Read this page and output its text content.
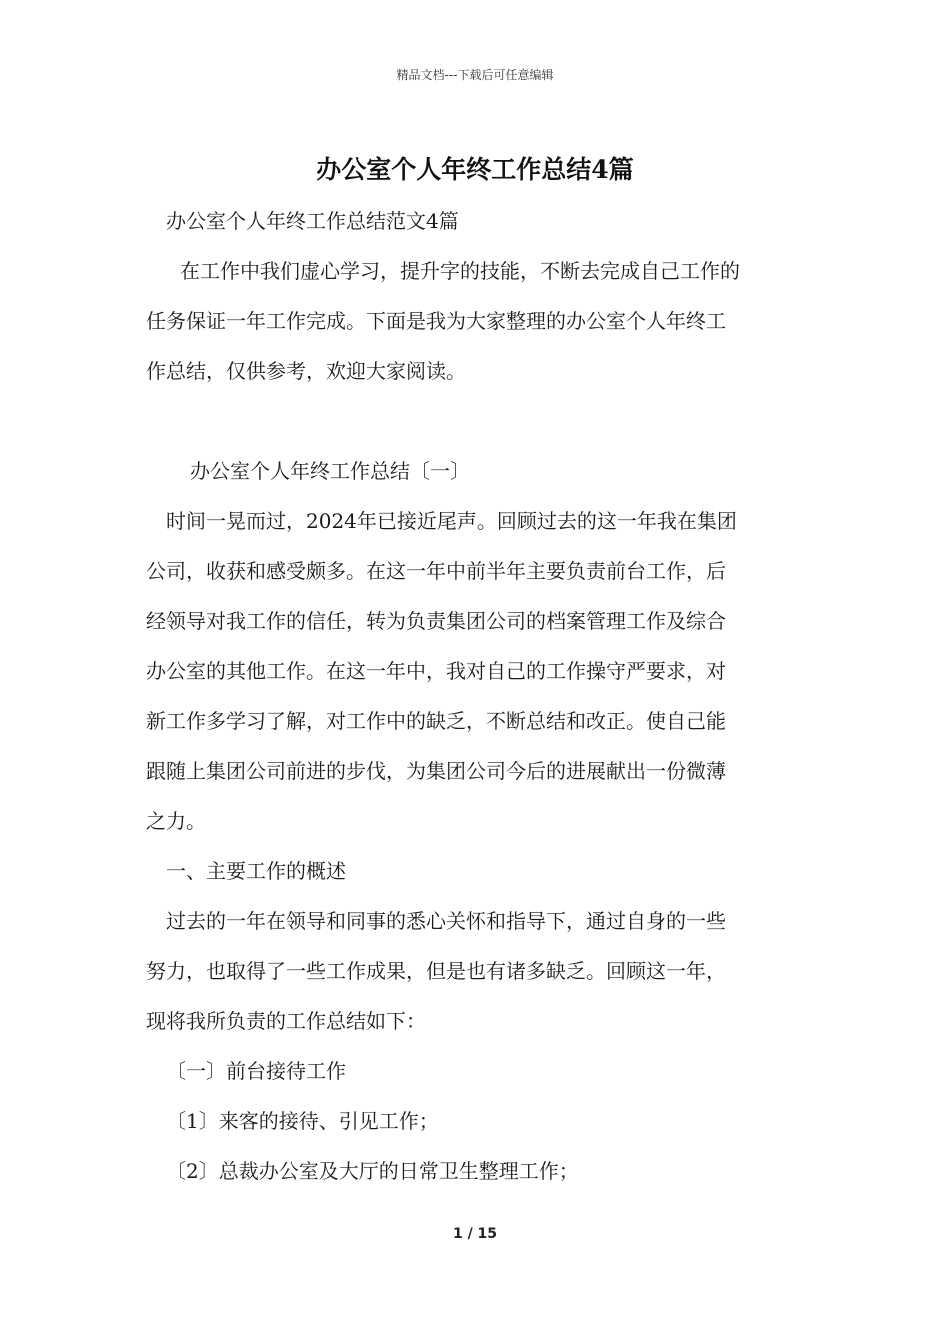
精品文档---下载后可任意编辑
办公室个人年终工作总结4篇

办公室个人年终工作总结范文4篇

在工作中我们虚心学习，提升字的技能，不断去完成自己工作的
任务保证一年工作完成。下面是我为大家整理的办公室个人年终工
作总结，仅供参考，欢迎大家阅读。

办公室个人年终工作总结〔一〕

时间一晃而过，2024年已接近尾声。回顾过去的这一年我在集团
公司，收获和感受颇多。在这一年中前半年主要负责前台工作，后
经领导对我工作的信任，转为负责集团公司的档案管理工作及综合
办公室的其他工作。在这一年中，我对自己的工作操守严要求，对
新工作多学习了解，对工作中的缺乏，不断总结和改正。使自己能
跟随上集团公司前进的步伐，为集团公司今后的进展献出一份微薄
之力。

一、主要工作的概述

过去的一年在领导和同事的悉心关怀和指导下，通过自身的一些
努力，也取得了一些工作成果，但是也有诸多缺乏。回顾这一年，
现将我所负责的工作总结如下：

〔一〕前台接待工作

〔1〕来客的接待、引见工作；

〔2〕总裁办公室及大厅的日常卫生整理工作；

1 / 15
